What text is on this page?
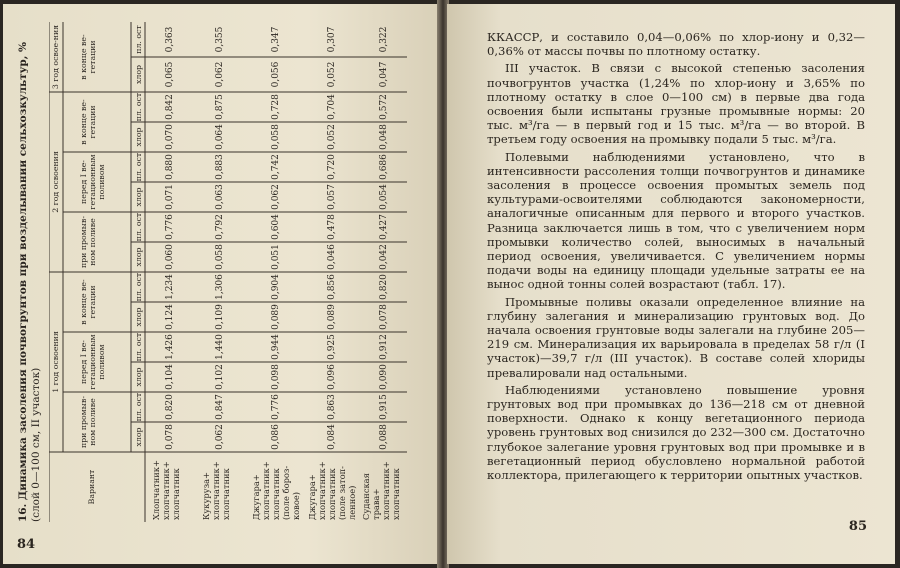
16. Динамика засоления почвогрунтов при возделывании сельхозкультур, %
(слой 0—100 см, II участок)	Вариант
1 год освоения
2 год освоения
3 год освое-ния
при промыв-ном поливе
перед I ве-гетационным поливом
в конце ве-гетации
при промыв-ном поливе
перед I ве-гетационным поливом
в конце ве-гетации
в конце ве-гетации
хлор
пл. ост
хлор
пл. ост
хлор
пл. ост
хлор
пл. ост
хлор
пл. ост
хлор
пл. ост
хлор
пл. ост
Хлопчатник+ хлопчатник+ хлопчатник
0,078
0,820
0,104
1,426
0,124
1,234
0,060
0,776
0,071
0,880
0,070
0,842
0,065
0,363
Кукуруза+ хлопчатник+ хлопчатник
0,062
0,847
0,102
1,440
0,109
1,306
0,058
0,792
0,063
0,883
0,064
0,875
0,062
0,355
Джугара+ хлопчатник+ хлопчатник (поле бороз-ковое)
0,086
0,776
0,098
0,944
0,089
0,904
0,051
0,604
0,062
0,742
0,058
0,728
0,056
0,347
Джугара+ хлопчатник+ хлопчатник (поле затоп-ленное)
0,084
0,863
0,096
0,925
0,089
0,856
0,046
0,478
0,057
0,720
0,052
0,704
0,052
0,307
Суданская трава+ хлопчатник+ хлопчатник
0,088
0,915
0,090
0,912
0,078
0,820
0,042
0,427
0,054
0,686
0,048
0,572
0,047
0,322
84

ККАССР, и составило 0,04—0,06% по хлор-иону и 0,32—0,36% от массы почвы по плотному остатку.

III участок. В связи с высокой степенью засоления почвогрунтов участка (1,24% по хлор-иону и 3,65% по плотному остатку в слое 0—100 см) в первые два года освоения были испытаны грузные промывные нормы: 20 тыс. м³/га — в первый год и 15 тыс. м³/га — во второй. В третьем году освоения на промывку подали 5 тыс. м³/га.

Полевыми наблюдениями установлено, что в интенсивности рассоления толщи почвогрунтов и динамике засоления в процессе освоения промытых земель под культурами-освоителями соблюдаются закономерности, аналогичные описанным для первого и второго участков. Разница заключается лишь в том, что с увеличением норм промывки количество солей, выносимых в начальный период освоения, увеличивается. С увеличением нормы подачи воды на единицу площади удельные затраты ее на вынос одной тонны солей возрастают (табл. 17).

Промывные поливы оказали определенное влияние на глубину залегания и минерализацию грунтовых вод. До начала освоения грунтовые воды залегали на глубине 205—219 см. Минерализация их варьировала в пределах 58 г/л (I участок)—39,7 г/л (III участок). В составе солей хлориды превалировали над остальными.

Наблюдениями установлено повышение уровня грунтовых вод при промывках до 136—218 см от дневной поверхности. Однако к концу вегетационного периода уровень грунтовых вод снизился до 232—300 см. Достаточно глубокое залегание уровня грунтовых вод при промывке и в вегетационный период обусловлено нормальной работой коллектора, прилегающего к территории опытных участков.

85
